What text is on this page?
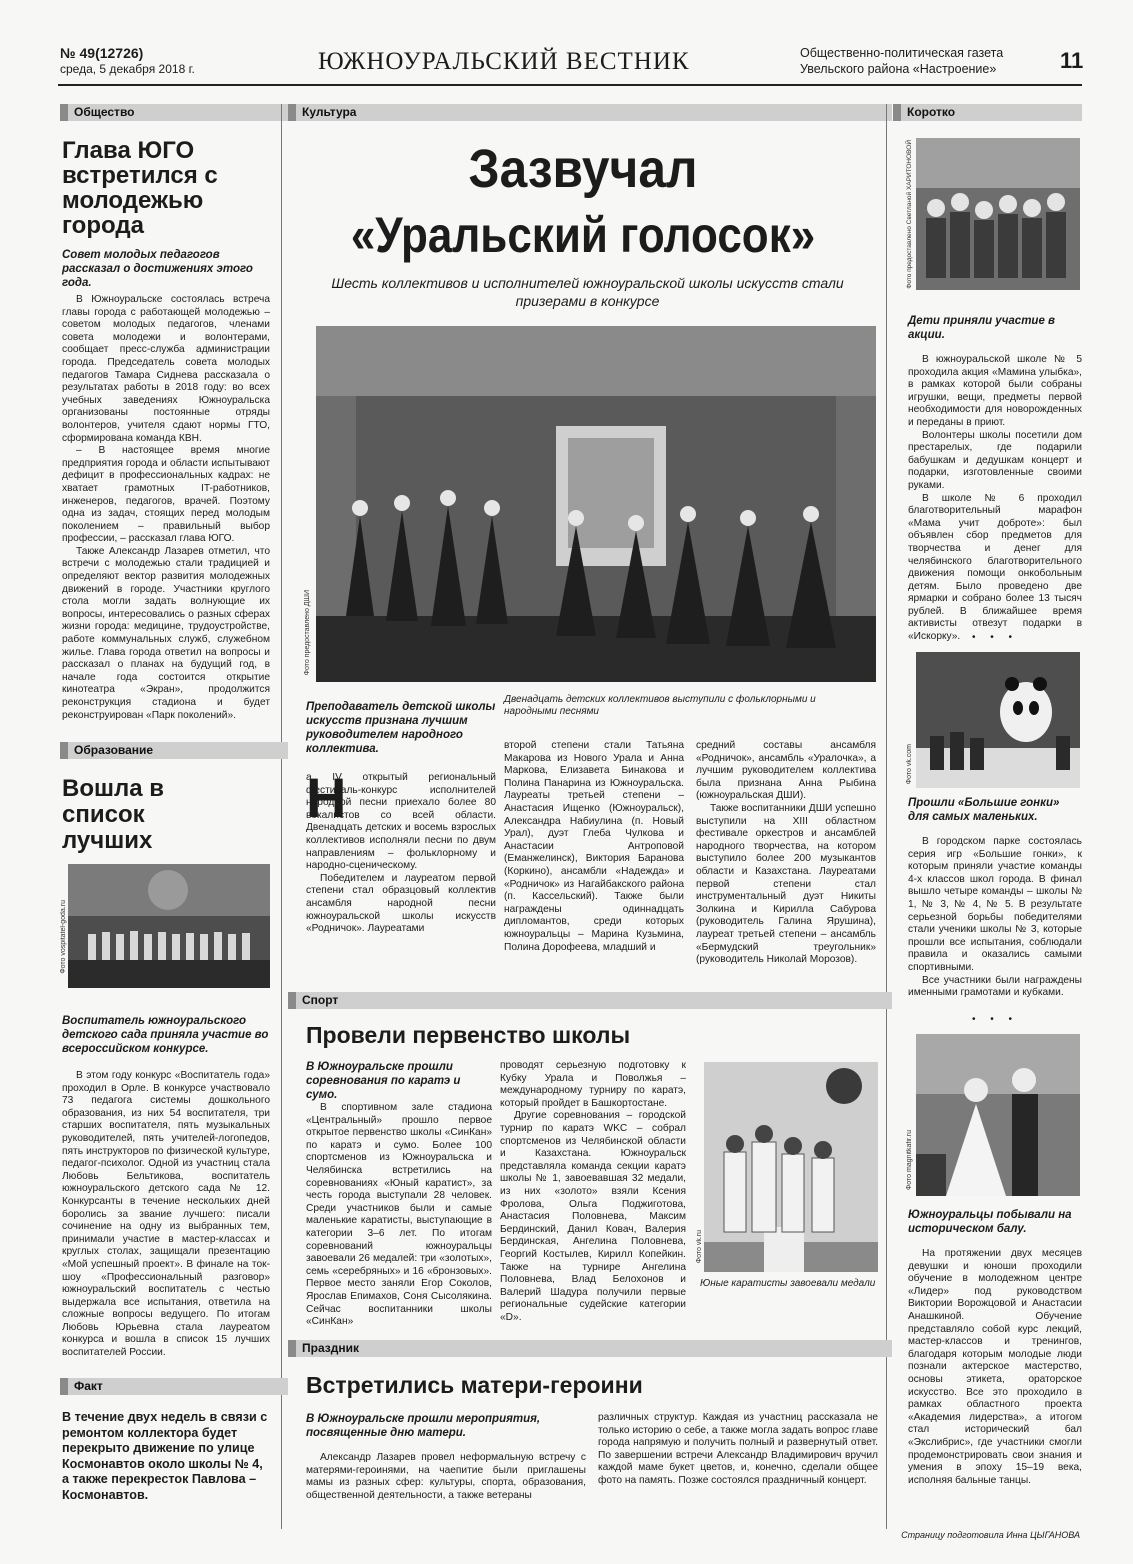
№ 49(12726)
среда, 5 декабря 2018 г.	ЮЖНОУРАЛЬСКИЙ ВЕСТНИК	Общественно-политическая газета
Увельского района «Настроение»	11
Общество	Культура	Коротко
Глава ЮГО встретился с молодежью города

Совет молодых педагогов рассказал о достижениях этого года.

В Южноуральске состоялась встреча главы города с работающей молодежью – советом молодых педагогов, членами совета молодежи и волонтерами, сообщает пресс-служба администрации города. Председатель совета молодых педагогов Тамара Сиднева рассказала о результатах работы в 2018 году: во всех учебных заведениях Южноуральска организованы постоянные отряды волонтеров, учителя сдают нормы ГТО, сформирована команда КВН.

– В настоящее время многие предприятия города и области испытывают дефицит в профессиональных кадрах: не хватает грамотных IT-работников, инженеров, педагогов, врачей. Поэтому одна из задач, стоящих перед молодым поколением – правильный выбор профессии, – рассказал глава ЮГО.

Также Александр Лазарев отметил, что встречи с молодежью стали традицией и определяют вектор развития молодежных движений в городе. Участники круглого стола могли задать волнующие их вопросы, интересовались о разных сферах жизни города: медицине, трудоустройстве, работе коммунальных служб, служебном жилье. Глава города ответил на вопросы и рассказал о планах на будущий год, в начале года состоится открытие кинотеатра «Экран», продолжится реконструкция стадиона и будет реконструирован «Парк поколений».

Образование
Вошла в список лучших
Фото vospitatel-goda.ru

Воспитатель южноуральского детского сада приняла участие во всероссийском конкурсе.

В этом году конкурс «Воспитатель года» проходил в Орле. В конкурсе участвовало 73 педагога системы дошкольного образования, из них 54 воспитателя, три старших воспитателя, пять музыкальных руководителей, пять учителей-логопедов, пять инструкторов по физической культуре, педагог-психолог. Одной из участниц стала Любовь Бельтикова, воспитатель южноуральского детского сада № 12. Конкурсанты в течение нескольких дней боролись за звание лучшего: писали сочинение на одну из выбранных тем, принимали участие в мастер-классах и круглых столах, защищали презентацию «Мой успешный проект». В финале на ток-шоу «Профессиональный разговор» южноуральский воспитатель с честью выдержала все испытания, ответила на сложные вопросы ведущего. По итогам Любовь Юрьевна стала лауреатом конкурса и вошла в список 15 лучших воспитателей России.

Факт
В течение двух недель в связи с ремонтом коллектора будет перекрыто движение по улице Космонавтов около школы № 4, а также перекресток Павлова – Космонавтов.
Зазвучал
«Уральский голосок»
Шесть коллективов и исполнителей южноуральской школы искусств стали призерами в конкурсе
Фото предоставлено ДШИ

Преподаватель детской школы искусств признана лучшим руководителем народного коллектива.

Двенадцать детских коллективов выступили с фольклорными и народными песнями
Н

а IV открытый региональный фестиваль-конкурс исполнителей народной песни приехало более 80 вокалистов со всей области. Двенадцать детских и восемь взрослых коллективов исполняли песни по двум направлениям – фольклорному и народно-сценическому.

Победителем и лауреатом первой степени стал образцовый коллектив ансамбля народной песни южноуральской школы искусств «Родничок». Лауреатами

второй степени стали Татьяна Макарова из Нового Урала и Анна Маркова, Елизавета Бинакова и Полина Панарина из Южноуральска. Лауреаты третьей степени – Анастасия Ищенко (Южноуральск), Александра Набиулина (п. Новый Урал), дуэт Глеба Чулкова и Анастасии Антроповой (Еманжелинск), Виктория Баранова (Коркино), ансамбли «Надежда» и «Родничок» из Нагайбакского района (п. Кассельский). Также были награждены одиннадцать дипломантов, среди которых южноуральцы – Марина Кузьмина, Полина Дорофеева, младший и

средний составы ансамбля «Родничок», ансамбль «Уралочка», а лучшим руководителем коллектива была признана Анна Рыбина (южноуральская ДШИ).

Также воспитанники ДШИ успешно выступили на XIII областном фестивале оркестров и ансамблей народного творчества, на котором выступило более 200 музыкантов области и Казахстана. Лауреатами первой степени стал инструментальный дуэт Никиты Золкина и Кирилла Сабурова (руководитель Галина Ярушина), лауреат третьей степени – ансамбль «Бермудский треугольник» (руководитель Николай Морозов).

Спорт
Провели первенство школы

В Южноуральске прошли соревнования по каратэ и сумо.

В спортивном зале стадиона «Центральный» прошло первое открытое первенство школы «СинКан» по каратэ и сумо. Более 100 спортсменов из Южноуральска и Челябинска встретились на соревнованиях «Юный каратист», за честь города выступали 28 человек. Среди участников были и самые маленькие каратисты, выступающие в категории 3–6 лет. По итогам соревнований южноуральцы завоевали 26 медалей: три «золотых», семь «серебряных» и 16 «бронзовых». Первое место заняли Егор Соколов, Ярослав Епимахов, Соня Сысолякина. Сейчас воспитанники школы «СинКан»

проводят серьезную подготовку к Кубку Урала и Поволжья – международному турниру по каратэ, который пройдет в Башкортостане.

Другие соревнования – городской турнир по каратэ WKC – собрал спортсменов из Челябинской области и Казахстана. Южноуральск представляла команда секции каратэ школы № 1, завоевавшая 32 медали, из них «золото» взяли Ксения Фролова, Ольга Поджиготова, Анастасия Половнева, Максим Бердинский, Данил Ковач, Валерия Бердинская, Ангелина Половнева, Георгий Костылев, Кирилл Копейкин. Также на турнире Ангелина Половнева, Влад Белохонов и Валерий Шадура получили первые региональные судейские категории «D».

Фото vk.ru
Юные каратисты завоевали медали
Праздник
Встретились матери-героини

В Южноуральске прошли мероприятия, посвященные дню матери.

Александр Лазарев провел неформальную встречу с матерями-героинями, на чаепитие были приглашены мамы из разных сфер: культуры, спорта, образования, общественной деятельности, а также ветераны

различных структур. Каждая из участниц рассказала не только историю о себе, а также могла задать вопрос главе города напрямую и получить полный и развернутый ответ. По завершении встречи Александр Владимирович вручил каждой маме букет цветов, и, конечно, сделали общее фото на память. Позже состоялся праздничный концерт.

Фото предоставлено Светланой ХАРИТОНОВОЙ

Дети приняли участие в акции.

В южноуральской школе № 5 проходила акция «Мамина улыбка», в рамках которой были собраны игрушки, вещи, предметы первой необходимости для новорожденных и переданы в приют.

Волонтеры школы посетили дом престарелых, где подарили бабушкам и дедушкам концерт и подарки, изготовленные своими руками.

В школе № 6 проходил благотворительный марафон «Мама учит доброте»: был объявлен сбор предметов для творчества и денег для челябинского благотворительного движения помощи онкобольным детям. Было проведено две ярмарки и собрано более 13 тысяч рублей. В ближайшее время активисты отвезут подарки в «Искорку».	• • •
Фото vk.com

Прошли «Большие гонки» для самых маленьких.

В городском парке состоялась серия игр «Большие гонки», к которым приняли участие команды 4-х классов школ города. В финал вышло четыре команды – школы № 1, № 3, № 4, № 5. В результате серьезной борьбы победителями стали ученики школы № 3, которые прошли все испытания, соблюдали правила и оказались самыми спортивными.

Все участники были награждены именными грамотами и кубками.

• • •
Фото magnitkafir.ru

Южноуральцы побывали на историческом балу.

На протяжении двух месяцев девушки и юноши проходили обучение в молодежном центре «Лидер» под руководством Виктории Ворожцовой и Анастасии Анашкиной. Обучение представляло собой курс лекций, мастер-классов и тренингов, благодаря которым молодые люди познали актерское мастерство, основы этикета, ораторское искусство. Все это проходило в рамках областного проекта «Академия лидерства», а итогом стал исторический бал «Экслибрис», где участники смогли продемонстрировать свои знания и умения в эпоху 15–19 века, исполняя бальные танцы.

Страницу подготовила Инна ЦЫГАНОВА
